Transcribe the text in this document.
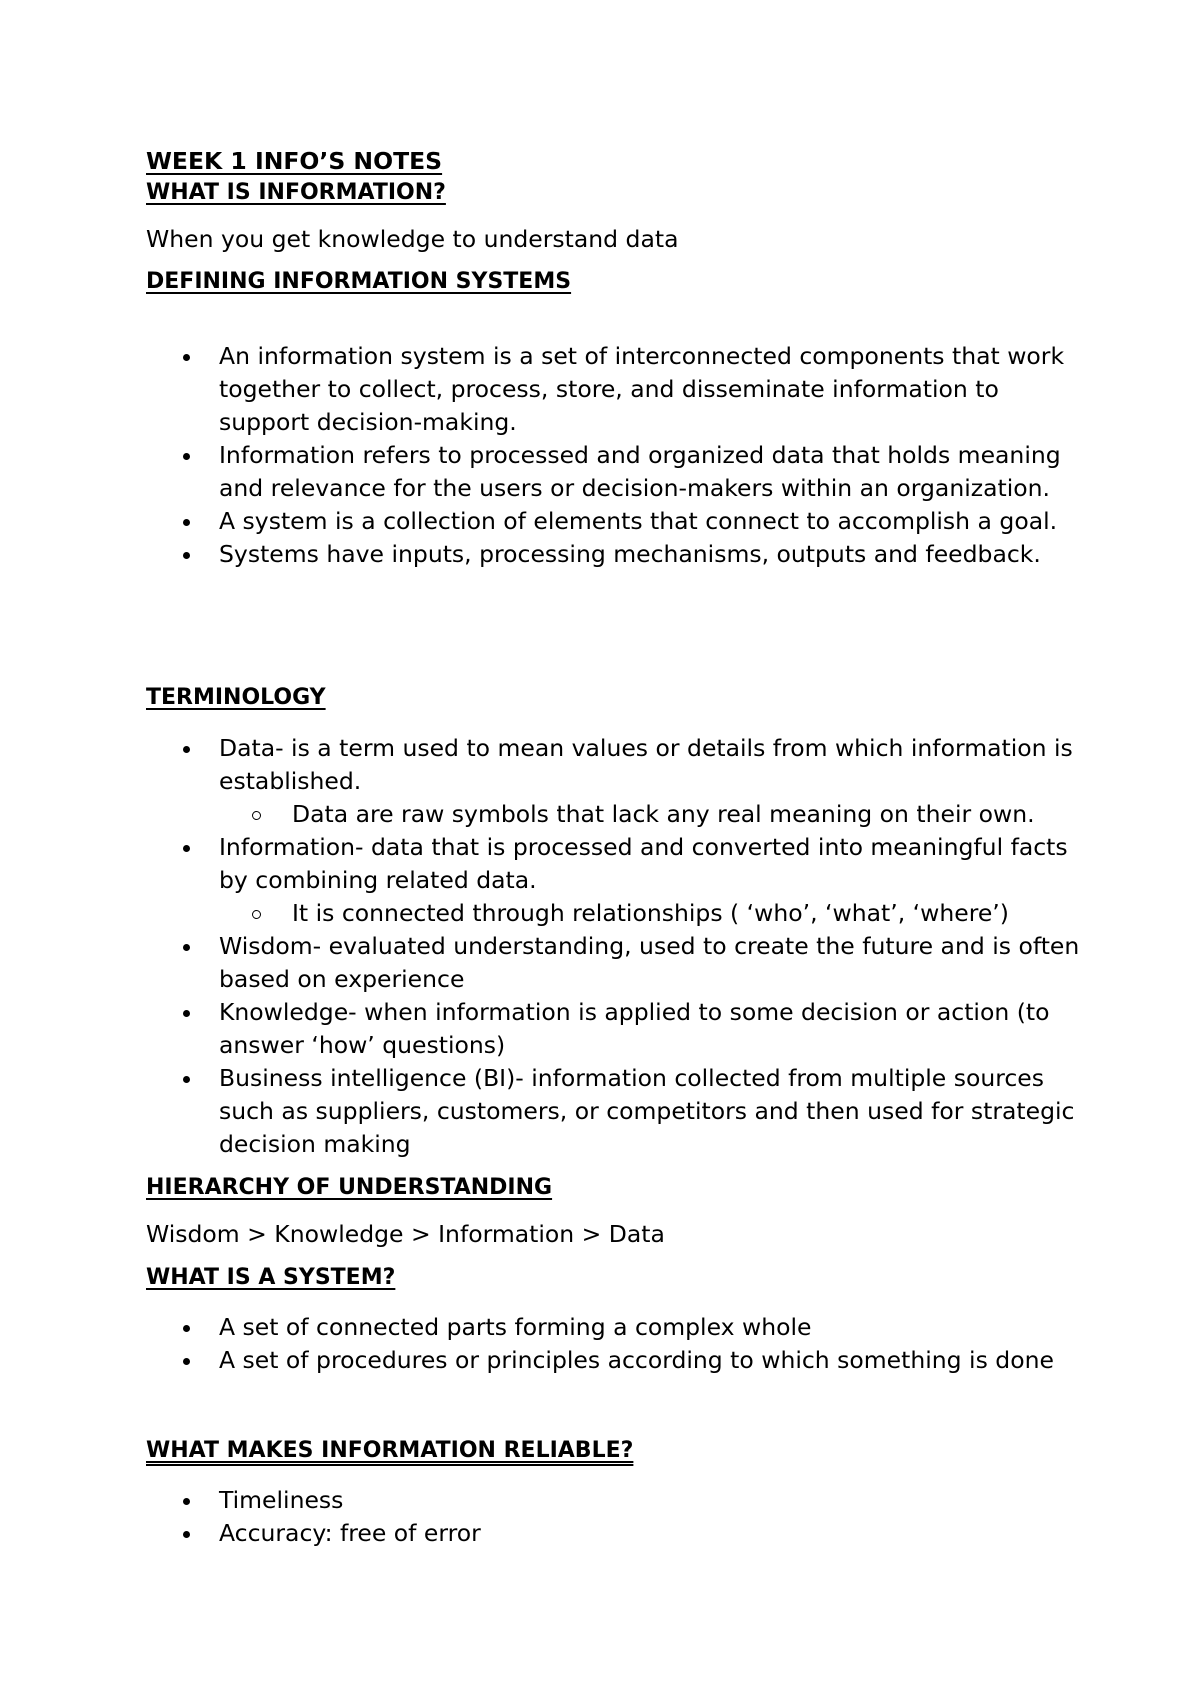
WEEK 1 INFO’S NOTES
WHAT IS INFORMATION?

When you get knowledge to understand data

DEFINING INFORMATION SYSTEMS
An information system is a set of interconnected components that work together to collect, process, store, and disseminate information to support decision-making.
Information refers to processed and organized data that holds meaning and relevance for the users or decision-makers within an organization.
A system is a collection of elements that connect to accomplish a goal.
Systems have inputs, processing mechanisms, outputs and feedback.
TERMINOLOGY
Data- is a term used to mean values or details from which information is established.
Data are raw symbols that lack any real meaning on their own.
Information- data that is processed and converted into meaningful facts by combining related data.
It is connected through relationships ( ‘who’, ‘what’, ‘where’)
Wisdom- evaluated understanding, used to create the future and is often based on experience
Knowledge- when information is applied to some decision or action (to answer ‘how’ questions)
Business intelligence (BI)- information collected from multiple sources such as suppliers, customers, or competitors and then used for strategic decision making
HIERARCHY OF UNDERSTANDING

Wisdom > Knowledge > Information > Data

WHAT IS A SYSTEM?
A set of connected parts forming a complex whole
A set of procedures or principles according to which something is done
WHAT MAKES INFORMATION RELIABLE?
Timeliness
Accuracy: free of error
